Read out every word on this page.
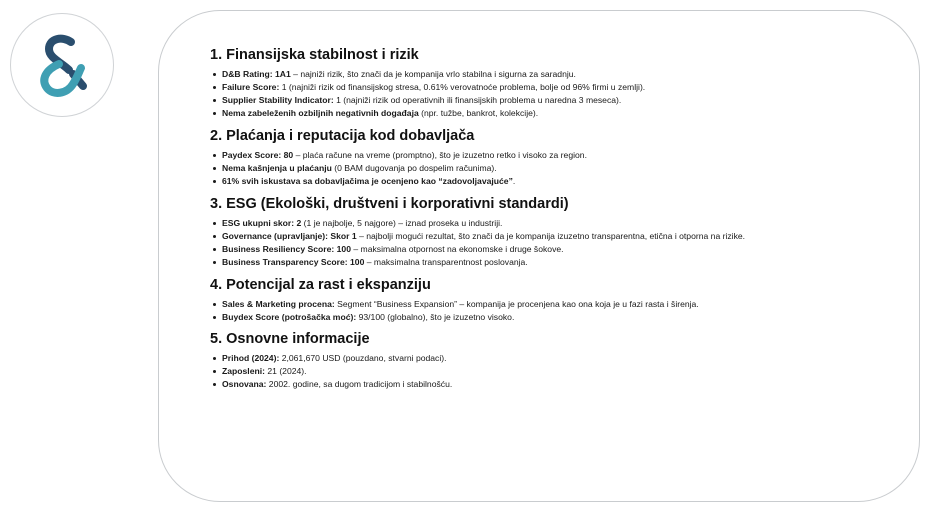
1. Finansijska stabilnost i rizik
D&B Rating: 1A1 – najniži rizik, što znači da je kompanija vrlo stabilna i sigurna za saradnju.
Failure Score: 1 (najniži rizik od finansijskog stresa, 0.61% verovatnoće problema, bolje od 96% firmi u zemlji).
Supplier Stability Indicator: 1 (najniži rizik od operativnih ili finansijskih problema u naredna 3 meseca).
Nema zabeleženih ozbiljnih negativnih događaja (npr. tužbe, bankrot, kolekcije).
2. Plaćanja i reputacija kod dobavljača
Paydex Score: 80 – plaća račune na vreme (promptno), što je izuzetno retko i visoko za region.
Nema kašnjenja u plaćanju (0 BAM dugovanja po dospelim računima).
61% svih iskustava sa dobavljačima je ocenjeno kao “zadovoljavajuće”.
3. ESG (Ekološki, društveni i korporativni standardi)
ESG ukupni skor: 2 (1 je najbolje, 5 najgore) – iznad proseka u industriji.
Governance (upravljanje): Skor 1 – najbolji mogući rezultat, što znači da je kompanija izuzetno transparentna, etična i otporna na rizike.
Business Resiliency Score: 100 – maksimalna otpornost na ekonomske i druge šokove.
Business Transparency Score: 100 – maksimalna transparentnost poslovanja.
4. Potencijal za rast i ekspanziju
Sales & Marketing procena: Segment “Business Expansion” – kompanija je procenjena kao ona koja je u fazi rasta i širenja.
Buydex Score (potrošačka moć): 93/100 (globalno), što je izuzetno visoko.
5. Osnovne informacije
Prihod (2024): 2,061,670 USD (pouzdano, stvarni podaci).
Zaposleni: 21 (2024).
Osnovana: 2002. godine, sa dugom tradicijom i stabilnošću.
